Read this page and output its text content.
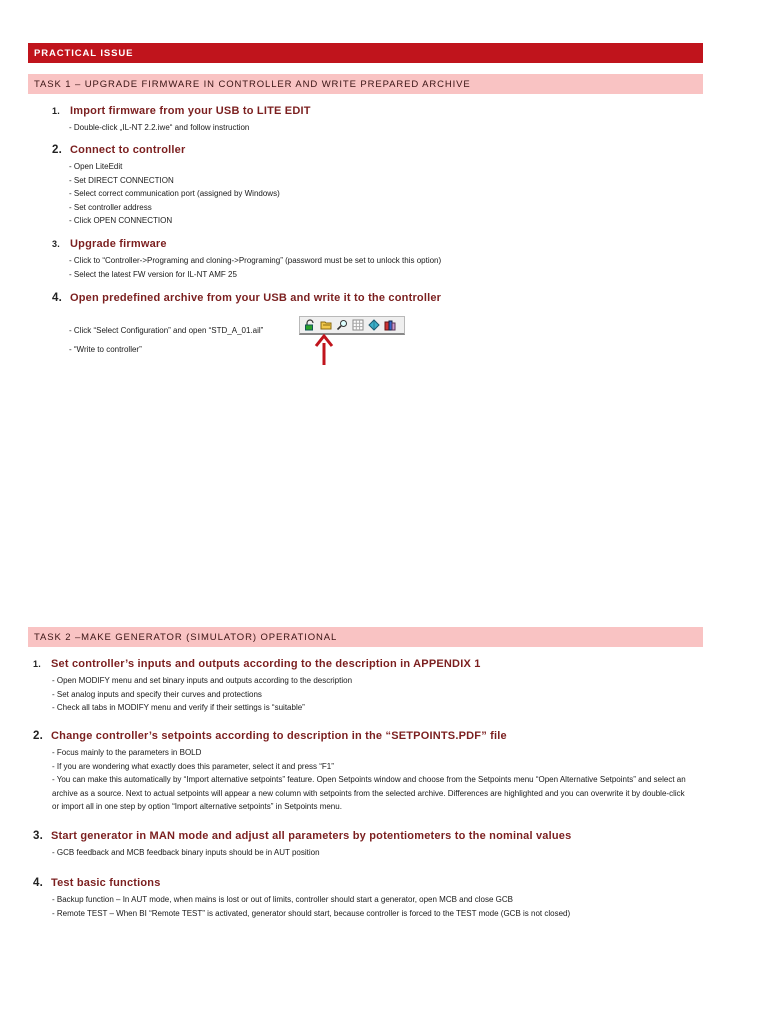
PRACTICAL ISSUE
TASK 1 – UPGRADE FIRMWARE IN CONTROLLER AND WRITE PREPARED ARCHIVE
1. Import firmware from your USB to LITE EDIT
- Double-click „IL-NT 2.2.iwe“ and follow instruction
2. Connect to controller
- Open LiteEdit
- Set DIRECT CONNECTION
- Select correct communication port (assigned by Windows)
- Set controller address
- Click OPEN CONNECTION
3. Upgrade firmware
- Click to “Controller->Programing and cloning->Programing” (password must be set to unlock this option)
- Select the latest FW version for IL-NT AMF 25
4. Open predefined archive from your USB and write it to the controller
- Click “Select Configuration” and open “STD_A_01.ail”
- “Write to controller”
TASK 2 –MAKE GENERATOR (SIMULATOR) OPERATIONAL
1. Set controller’s inputs and outputs according to the description in APPENDIX 1
- Open MODIFY menu and set binary inputs and outputs according to the description
- Set analog inputs and specify their curves and protections
- Check all tabs in MODIFY menu and verify if their settings is “suitable”
2. Change controller’s setpoints according to description in the “SETPOINTS.PDF” file
- Focus mainly to the parameters in BOLD
- If you are wondering what exactly does this parameter, select it and press “F1”
- You can make this automatically by “Import alternative setpoints” feature. Open Setpoints window and choose from the Setpoints menu “Open Alternative Setpoints” and select an archive as a source. Next to actual setpoints will appear a new column with setpoints from the selected archive. Differences are highlighted and you can overwrite it by double-click or import all in one step by option “Import alternative setpoints” in Setpoints menu.
3. Start generator in MAN mode and adjust all parameters by potentiometers to the nominal values
- GCB feedback and MCB feedback binary inputs should be in AUT position
4. Test basic functions
- Backup function – In AUT mode, when mains is lost or out of limits, controller should start a generator, open MCB and close GCB
- Remote TEST – When BI “Remote TEST” is activated, generator should start, because controller is forced to the TEST mode (GCB is not closed)
